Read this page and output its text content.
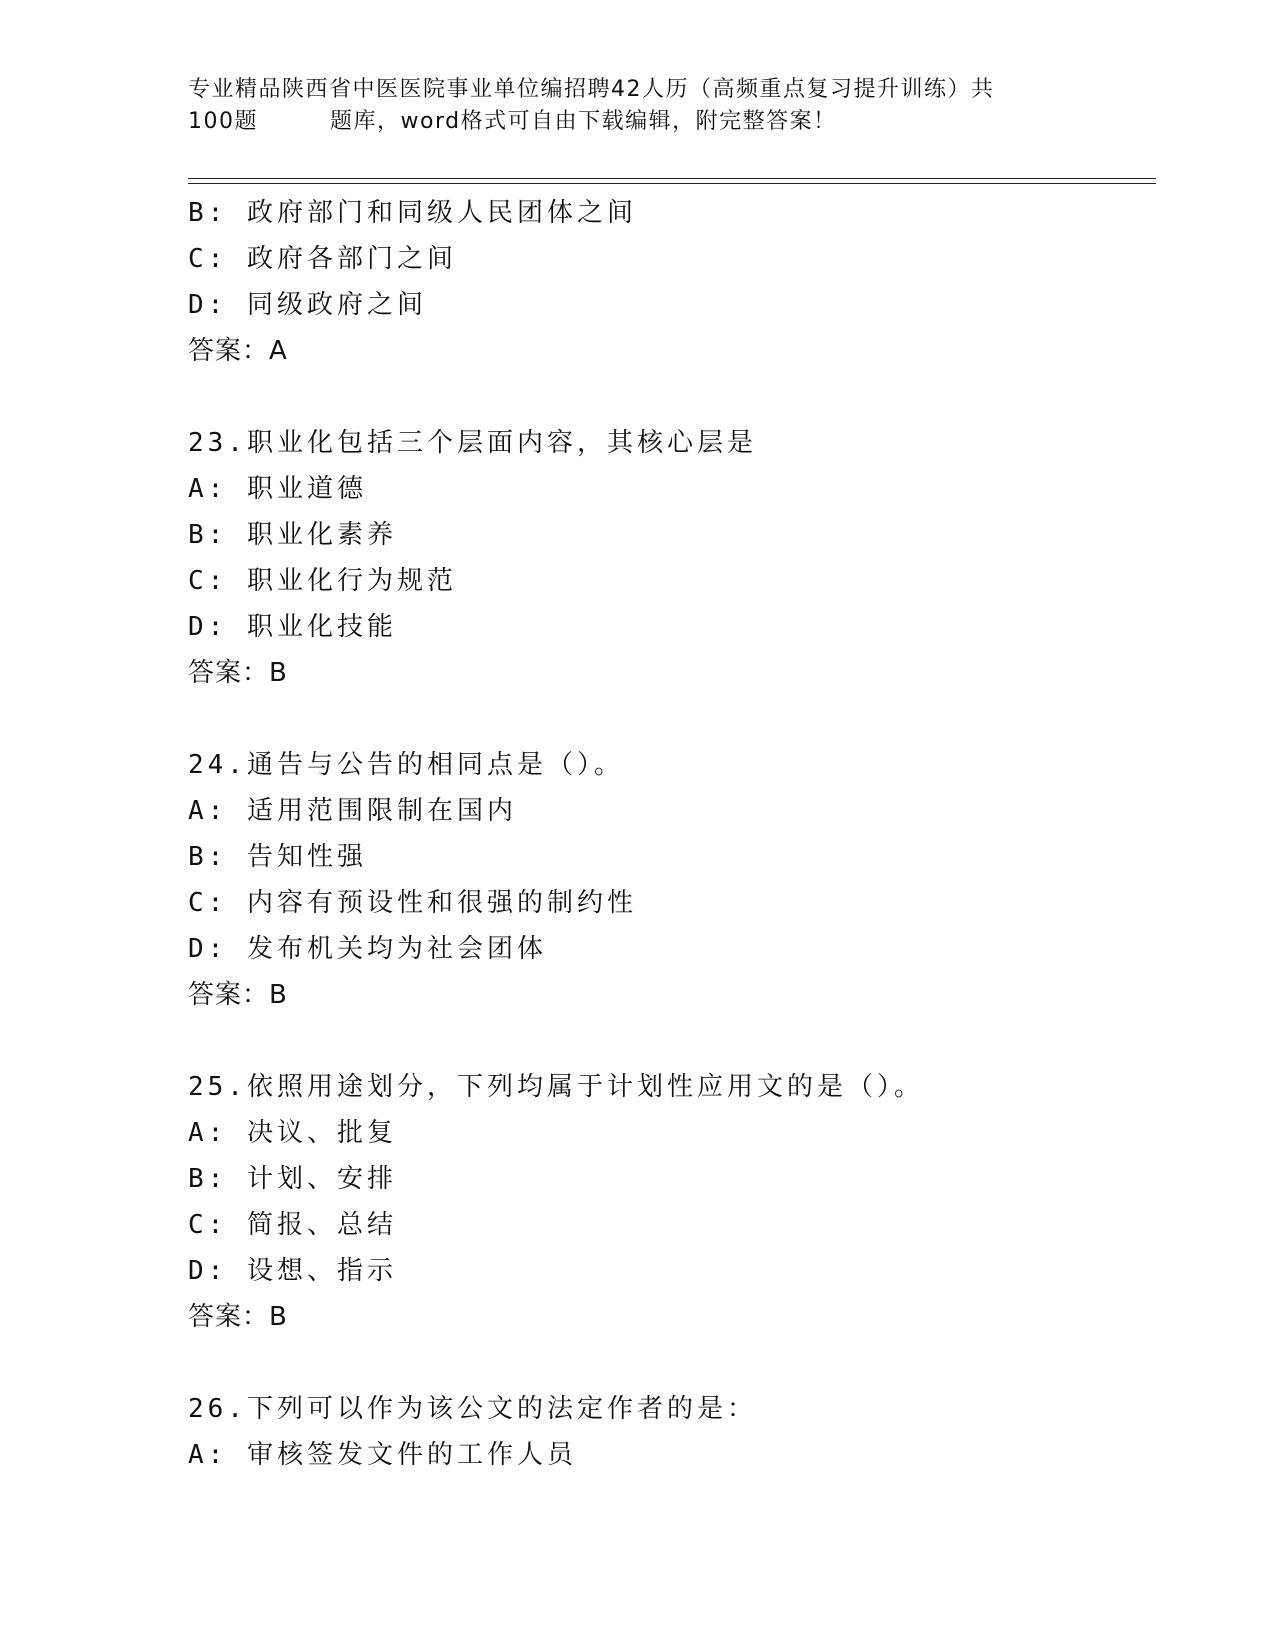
专业精品陕西省中医医院事业单位编招聘42人历（高频重点复习提升训练）共
100题	题库，word格式可自由下载编辑，附完整答案！
B: 政府部门和同级人民团体之间
C: 政府各部门之间
D: 同级政府之间
答案：A
23.职业化包括三个层面内容，其核心层是
A: 职业道德
B: 职业化素养
C: 职业化行为规范
D: 职业化技能
答案：B
24.通告与公告的相同点是（）。
A: 适用范围限制在国内
B: 告知性强
C: 内容有预设性和很强的制约性
D: 发布机关均为社会团体
答案：B
25.依照用途划分，下列均属于计划性应用文的是（）。
A: 决议、批复
B: 计划、安排
C: 简报、总结
D: 设想、指示
答案：B
26.下列可以作为该公文的法定作者的是：
A: 审核签发文件的工作人员
